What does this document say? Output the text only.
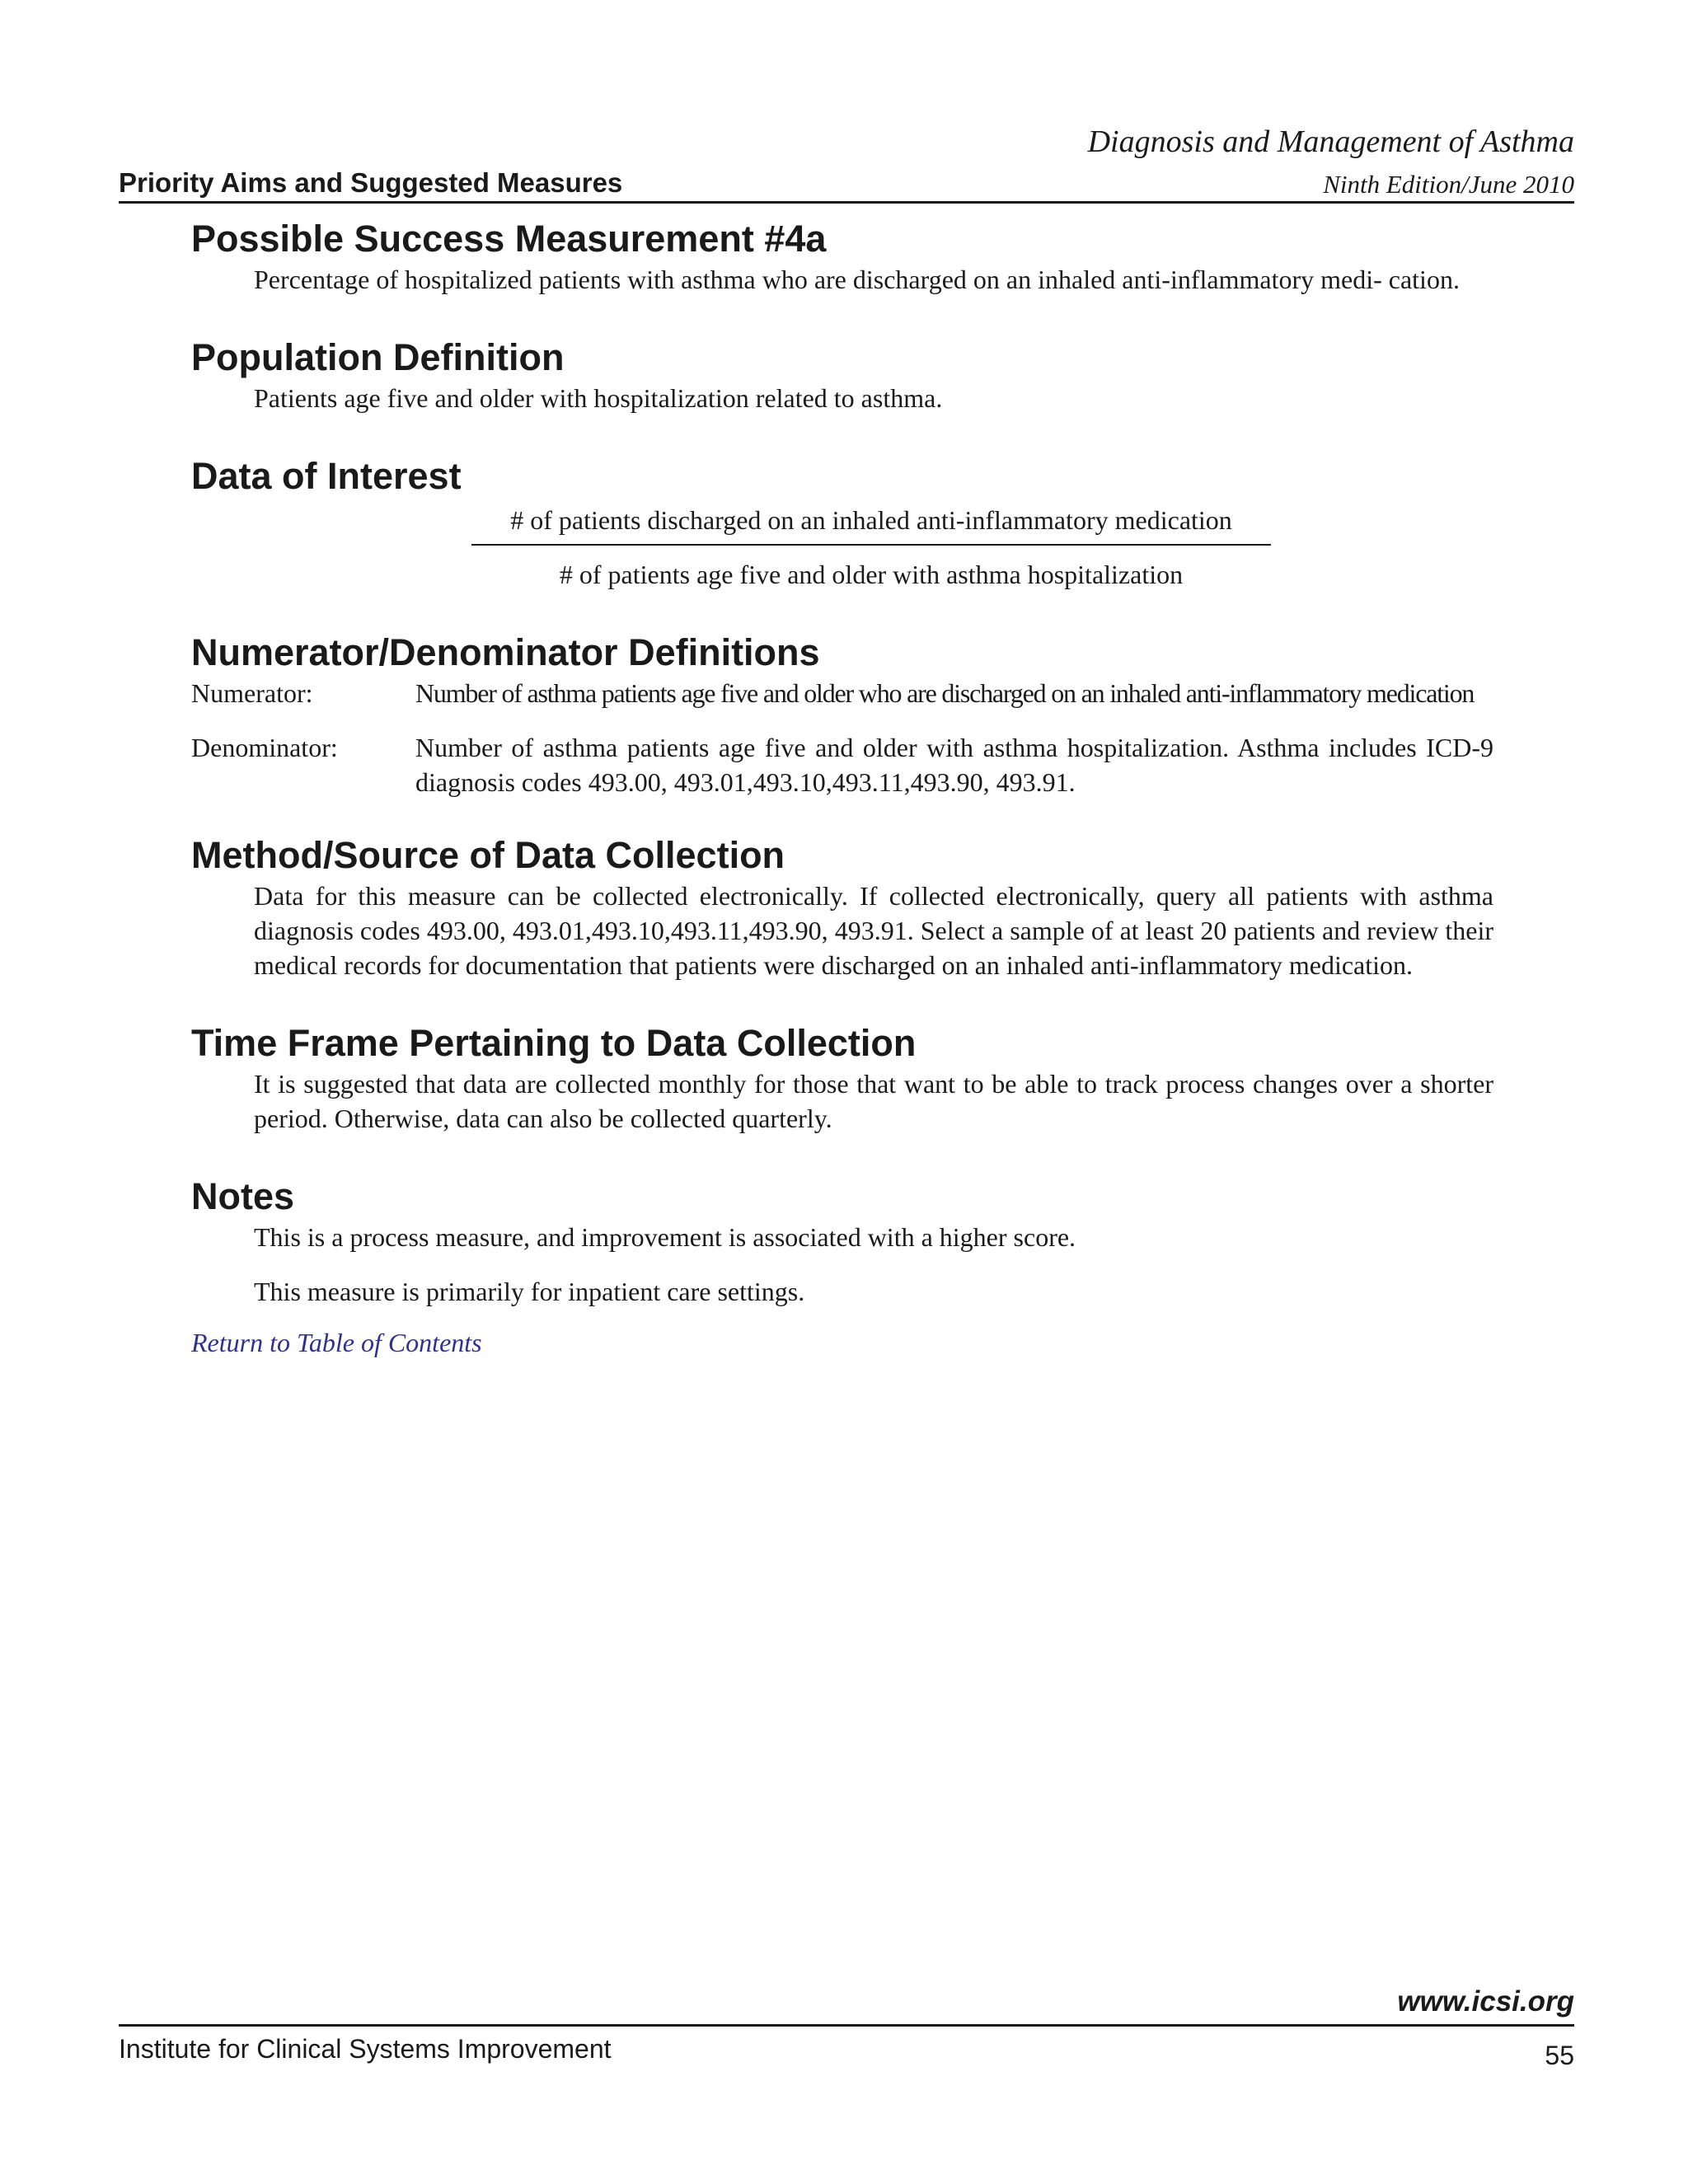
Diagnosis and Management of Asthma
Priority Aims and Suggested Measures	Ninth Edition/June 2010
Possible Success Measurement #4a

Percentage of hospitalized patients with asthma who are discharged on an inhaled anti-inflammatory medi- cation.

Population Definition

Patients age five and older with hospitalization related to asthma.

Data of Interest
# of patients discharged on an inhaled anti-inflammatory medication
# of patients age five and older with asthma hospitalization
Numerator/Denominator Definitions
Numerator:	Number of asthma patients age five and older who are discharged on an inhaled anti-inflammatory medication
Denominator:	Number of asthma patients age five and older with asthma hospitalization. Asthma includes ICD-9 diagnosis codes 493.00, 493.01,493.10,493.11,493.90, 493.91.
Method/Source of Data Collection

Data for this measure can be collected electronically. If collected electronically, query all patients with asthma diagnosis codes 493.00, 493.01,493.10,493.11,493.90, 493.91. Select a sample of at least 20 patients and review their medical records for documentation that patients were discharged on an inhaled anti-inflammatory medication.

Time Frame Pertaining to Data Collection

It is suggested that data are collected monthly for those that want to be able to track process changes over a shorter period. Otherwise, data can also be collected quarterly.

Notes

This is a process measure, and improvement is associated with a higher score.

This measure is primarily for inpatient care settings.

Return to Table of Contents
www.icsi.org
Institute for Clinical Systems Improvement	55
